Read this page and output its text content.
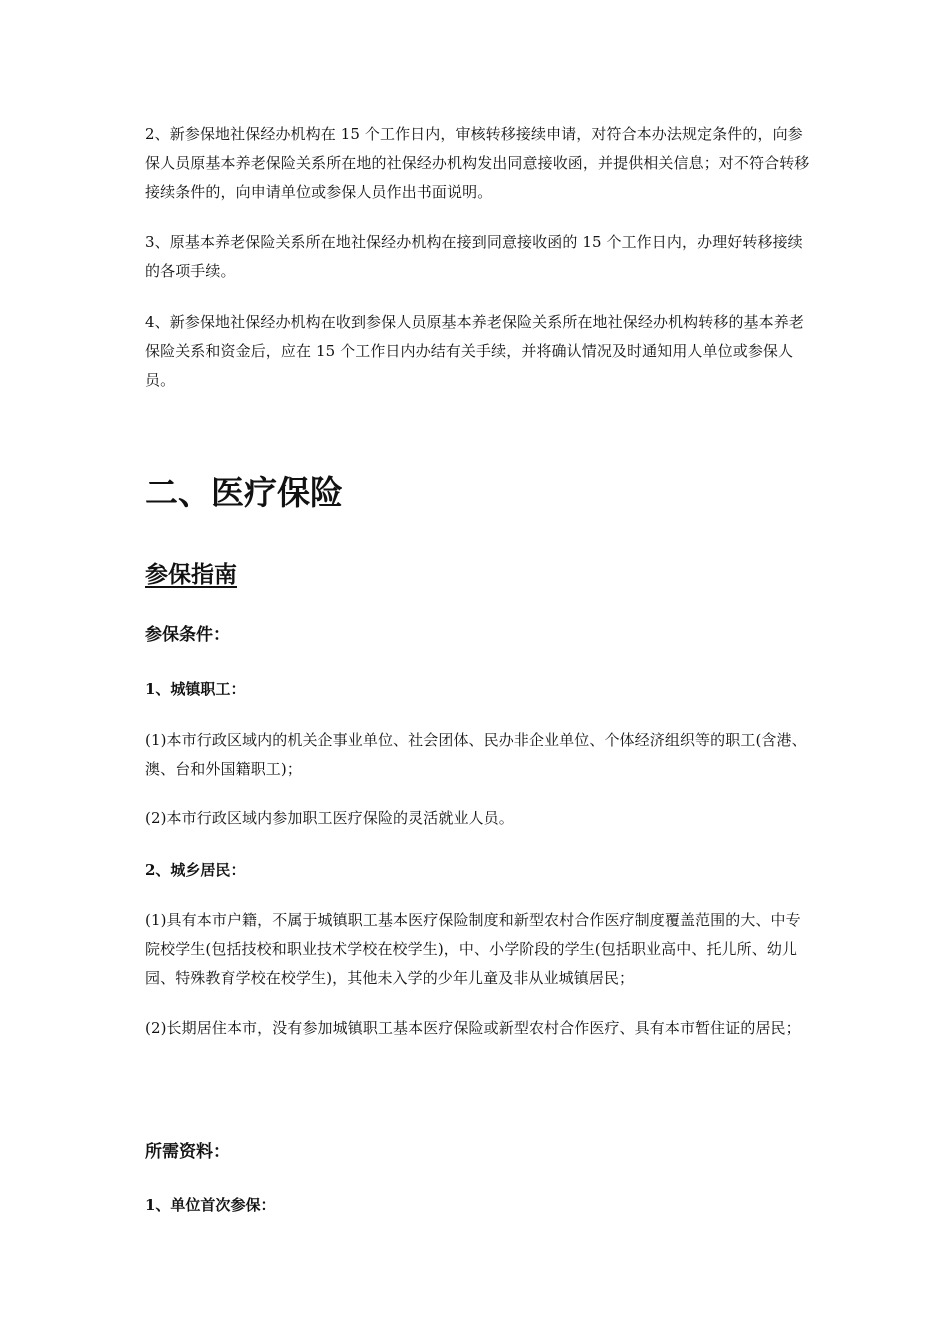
2、新参保地社保经办机构在 15 个工作日内，审核转移接续申请，对符合本办法规定条件的，向参保人员原基本养老保险关系所在地的社保经办机构发出同意接收函，并提供相关信息；对不符合转移接续条件的，向申请单位或参保人员作出书面说明。

3、原基本养老保险关系所在地社保经办机构在接到同意接收函的 15 个工作日内，办理好转移接续的各项手续。

4、新参保地社保经办机构在收到参保人员原基本养老保险关系所在地社保经办机构转移的基本养老保险关系和资金后，应在 15 个工作日内办结有关手续，并将确认情况及时通知用人单位或参保人员。

二、医疗保险
参保指南
参保条件：
1、城镇职工：

(1)本市行政区域内的机关企事业单位、社会团体、民办非企业单位、个体经济组织等的职工(含港、澳、台和外国籍职工)；

(2)本市行政区域内参加职工医疗保险的灵活就业人员。

2、城乡居民：

(1)具有本市户籍，不属于城镇职工基本医疗保险制度和新型农村合作医疗制度覆盖范围的大、中专院校学生(包括技校和职业技术学校在校学生)，中、小学阶段的学生(包括职业高中、托儿所、幼儿园、特殊教育学校在校学生)，其他未入学的少年儿童及非从业城镇居民；

(2)长期居住本市，没有参加城镇职工基本医疗保险或新型农村合作医疗、具有本市暂住证的居民；

所需资料：
1、单位首次参保：
